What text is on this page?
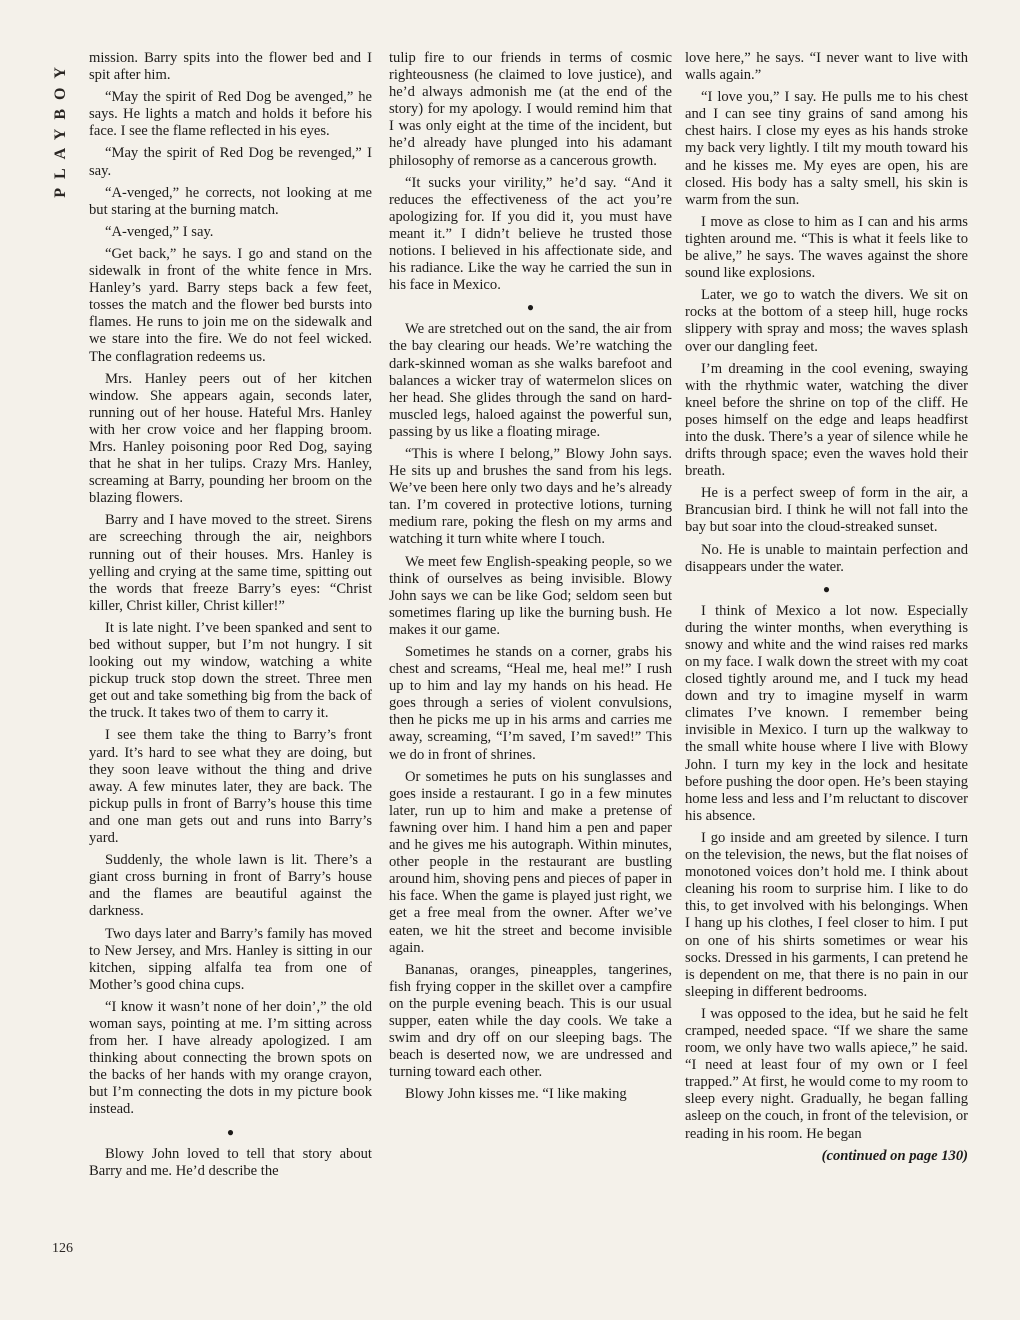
PLAYBOY
126

mission. Barry spits into the flower bed and I spit after him.

“May the spirit of Red Dog be avenged,” he says. He lights a match and holds it before his face. I see the flame reflected in his eyes.

“May the spirit of Red Dog be revenged,” I say.

“A-venged,” he corrects, not looking at me but staring at the burning match.

“A-venged,” I say.

“Get back,” he says. I go and stand on the sidewalk in front of the white fence in Mrs. Hanley’s yard. Barry steps back a few feet, tosses the match and the flower bed bursts into flames. He runs to join me on the sidewalk and we stare into the fire. We do not feel wicked. The conflagration redeems us.

Mrs. Hanley peers out of her kitchen window. She appears again, seconds later, running out of her house. Hateful Mrs. Hanley with her crow voice and her flapping broom. Mrs. Hanley poisoning poor Red Dog, saying that he shat in her tulips. Crazy Mrs. Hanley, screaming at Barry, pounding her broom on the blazing flowers.

Barry and I have moved to the street. Sirens are screeching through the air, neighbors running out of their houses. Mrs. Hanley is yelling and crying at the same time, spitting out the words that freeze Barry’s eyes: “Christ killer, Christ killer, Christ killer!”

It is late night. I’ve been spanked and sent to bed without supper, but I’m not hungry. I sit looking out my window, watching a white pickup truck stop down the street. Three men get out and take something big from the back of the truck. It takes two of them to carry it.

I see them take the thing to Barry’s front yard. It’s hard to see what they are doing, but they soon leave without the thing and drive away. A few minutes later, they are back. The pickup pulls in front of Barry’s house this time and one man gets out and runs into Barry’s yard.

Suddenly, the whole lawn is lit. There’s a giant cross burning in front of Barry’s house and the flames are beautiful against the darkness.

Two days later and Barry’s family has moved to New Jersey, and Mrs. Hanley is sitting in our kitchen, sipping alfalfa tea from one of Mother’s good china cups.

“I know it wasn’t none of her doin’,” the old woman says, pointing at me. I’m sitting across from her. I have already apologized. I am thinking about connecting the brown spots on the backs of her hands with my orange crayon, but I’m connecting the dots in my picture book instead.

●

Blowy John loved to tell that story about Barry and me. He’d describe the

tulip fire to our friends in terms of cosmic righteousness (he claimed to love justice), and he’d always admonish me (at the end of the story) for my apology. I would remind him that I was only eight at the time of the incident, but he’d already have plunged into his adamant philosophy of remorse as a cancerous growth.

“It sucks your virility,” he’d say. “And it reduces the effectiveness of the act you’re apologizing for. If you did it, you must have meant it.” I didn’t believe he trusted those notions. I believed in his affectionate side, and his radiance. Like the way he carried the sun in his face in Mexico.

●

We are stretched out on the sand, the air from the bay clearing our heads. We’re watching the dark-skinned woman as she walks barefoot and balances a wicker tray of watermelon slices on her head. She glides through the sand on hard-muscled legs, haloed against the powerful sun, passing by us like a floating mirage.

“This is where I belong,” Blowy John says. He sits up and brushes the sand from his legs. We’ve been here only two days and he’s already tan. I’m covered in protective lotions, turning medium rare, poking the flesh on my arms and watching it turn white where I touch.

We meet few English-speaking people, so we think of ourselves as being invisible. Blowy John says we can be like God; seldom seen but sometimes flaring up like the burning bush. He makes it our game.

Sometimes he stands on a corner, grabs his chest and screams, “Heal me, heal me!” I rush up to him and lay my hands on his head. He goes through a series of violent convulsions, then he picks me up in his arms and carries me away, screaming, “I’m saved, I’m saved!” This we do in front of shrines.

Or sometimes he puts on his sunglasses and goes inside a restaurant. I go in a few minutes later, run up to him and make a pretense of fawning over him. I hand him a pen and paper and he gives me his autograph. Within minutes, other people in the restaurant are bustling around him, shoving pens and pieces of paper in his face. When the game is played just right, we get a free meal from the owner. After we’ve eaten, we hit the street and become invisible again.

Bananas, oranges, pineapples, tangerines, fish frying copper in the skillet over a campfire on the purple evening beach. This is our usual supper, eaten while the day cools. We take a swim and dry off on our sleeping bags. The beach is deserted now, we are undressed and turning toward each other.

Blowy John kisses me. “I like making

love here,” he says. “I never want to live with walls again.”

“I love you,” I say. He pulls me to his chest and I can see tiny grains of sand among his chest hairs. I close my eyes as his hands stroke my back very lightly. I tilt my mouth toward his and he kisses me. My eyes are open, his are closed. His body has a salty smell, his skin is warm from the sun.

I move as close to him as I can and his arms tighten around me. “This is what it feels like to be alive,” he says. The waves against the shore sound like explosions.

Later, we go to watch the divers. We sit on rocks at the bottom of a steep hill, huge rocks slippery with spray and moss; the waves splash over our dangling feet.

I’m dreaming in the cool evening, swaying with the rhythmic water, watching the diver kneel before the shrine on top of the cliff. He poses himself on the edge and leaps headfirst into the dusk. There’s a year of silence while he drifts through space; even the waves hold their breath.

He is a perfect sweep of form in the air, a Brancusian bird. I think he will not fall into the bay but soar into the cloud-streaked sunset.

No. He is unable to maintain perfection and disappears under the water.

●

I think of Mexico a lot now. Especially during the winter months, when everything is snowy and white and the wind raises red marks on my face. I walk down the street with my coat closed tightly around me, and I tuck my head down and try to imagine myself in warm climates I’ve known. I remember being invisible in Mexico. I turn up the walkway to the small white house where I live with Blowy John. I turn my key in the lock and hesitate before pushing the door open. He’s been staying home less and less and I’m reluctant to discover his absence.

I go inside and am greeted by silence. I turn on the television, the news, but the flat noises of monotoned voices don’t hold me. I think about cleaning his room to surprise him. I like to do this, to get involved with his belongings. When I hang up his clothes, I feel closer to him. I put on one of his shirts sometimes or wear his socks. Dressed in his garments, I can pretend he is dependent on me, that there is no pain in our sleeping in different bedrooms.

I was opposed to the idea, but he said he felt cramped, needed space. “If we share the same room, we only have two walls apiece,” he said. “I need at least four of my own or I feel trapped.” At first, he would come to my room to sleep every night. Gradually, he began falling asleep on the couch, in front of the television, or reading in his room. He began

(continued on page 130)
